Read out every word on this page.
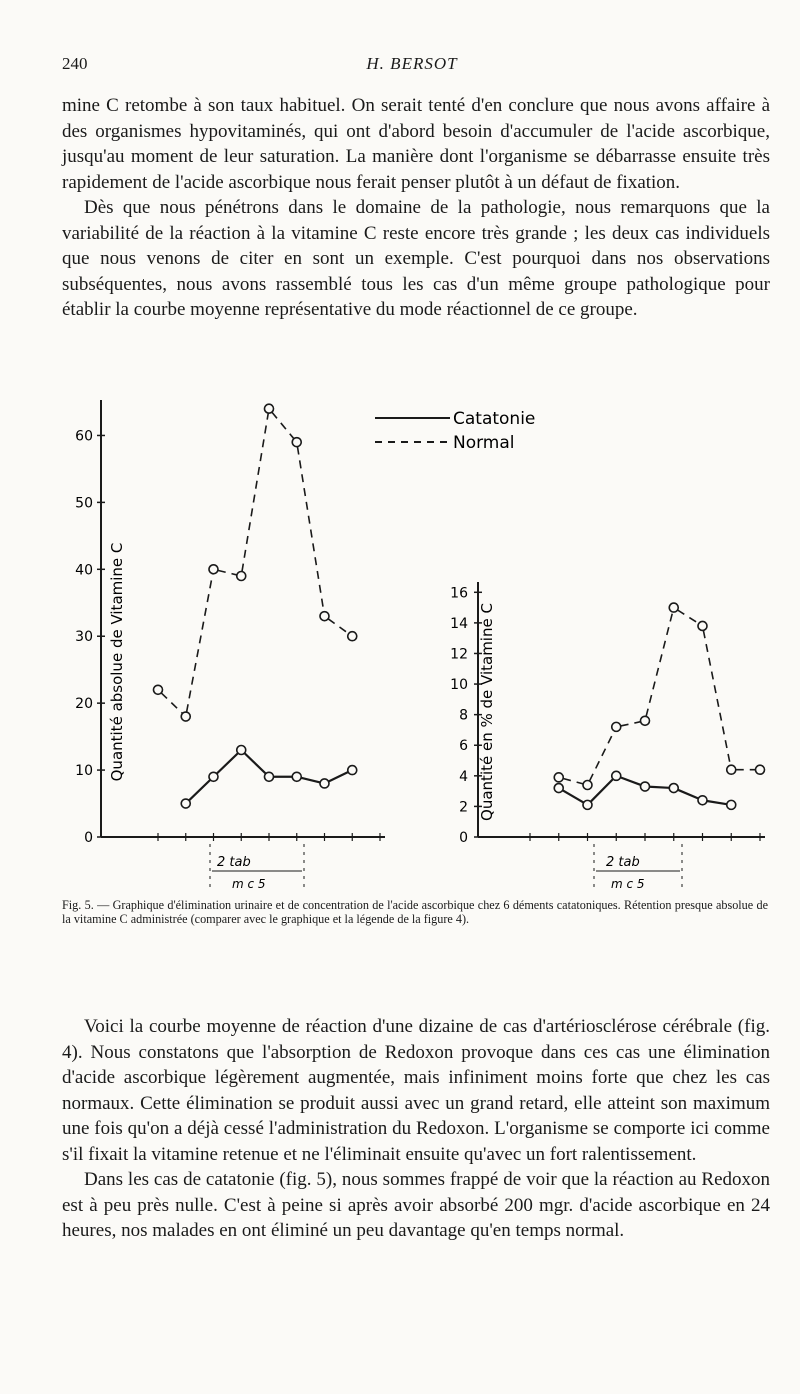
240	H. BERSOT

mine C retombe à son taux habituel. On serait tenté d'en conclure que nous avons affaire à des organismes hypovitaminés, qui ont d'abord besoin d'accumuler de l'acide ascorbique, jusqu'au moment de leur saturation. La manière dont l'organisme se débarrasse ensuite très rapidement de l'acide ascorbique nous ferait penser plutôt à un défaut de fixation.

Dès que nous pénétrons dans le domaine de la pathologie, nous remarquons que la variabilité de la réaction à la vitamine C reste encore très grande ; les deux cas individuels que nous venons de citer en sont un exemple. C'est pourquoi dans nos observations subséquentes, nous avons rassemblé tous les cas d'un même groupe pathologique pour établir la courbe moyenne représentative du mode réactionnel de ce groupe.

Catatonie
Normal
0
10
20
30
40
50
60
Quantité absolue de Vitamine C
2 tab
m c 5
0
2
4
6
8
10
12
14
16
Quantité en % de Vitamine C
2 tab
m c 5
Fig. 5. — Graphique d'élimination urinaire et de concentration de l'acide ascorbique chez 6 déments catatoniques. Rétention presque absolue de la vitamine C administrée (comparer avec le graphique et la légende de la figure 4).

Voici la courbe moyenne de réaction d'une dizaine de cas d'artériosclérose cérébrale (fig. 4). Nous constatons que l'absorption de Redoxon provoque dans ces cas une élimination d'acide ascorbique légèrement augmentée, mais infiniment moins forte que chez les cas normaux. Cette élimination se produit aussi avec un grand retard, elle atteint son maximum une fois qu'on a déjà cessé l'administration du Redoxon. L'organisme se comporte ici comme s'il fixait la vitamine retenue et ne l'éliminait ensuite qu'avec un fort ralentissement.

Dans les cas de catatonie (fig. 5), nous sommes frappé de voir que la réaction au Redoxon est à peu près nulle. C'est à peine si après avoir absorbé 200 mgr. d'acide ascorbique en 24 heures, nos malades en ont éliminé un peu davantage qu'en temps normal.
